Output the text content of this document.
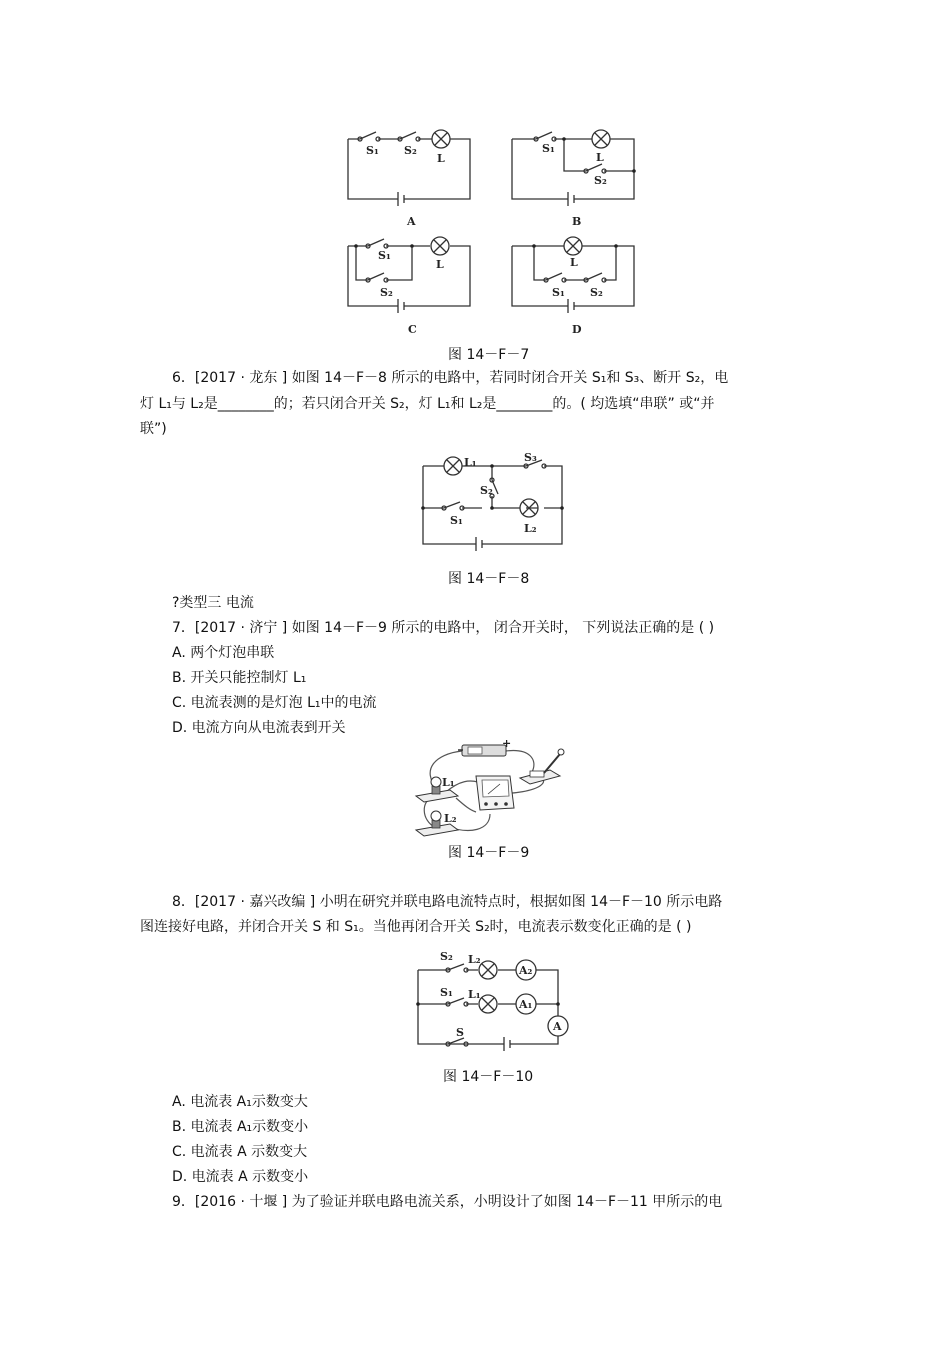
S₁ S₂
L
A
S₁
L
S₂
B
S₁
L
S₂
C
L
S₁ S₂
D
图 14－F－7
6．[2017 · 龙东 ] 如图 14－F－8 所示的电路中，若同时闭合开关 S₁和 S₃、断开 S₂，电
灯 L₁与 L₂是________的；若只闭合开关 S₂，灯 L₁和 L₂是________的。( 均选填“串联” 或“并
联”)
L₁	S₃
S₂
S₁
L₂
图 14－F－8
?类型三 电流
7．[2017 · 济宁 ] 如图 14－F－9 所示的电路中， 闭合开关时， 下列说法正确的是 ( )
A. 两个灯泡串联
B. 开关只能控制灯 L₁
C. 电流表测的是灯泡 L₁中的电流
D. 电流方向从电流表到开关
+
L₁
L₂
图 14－F－9
8．[2017 · 嘉兴改编 ] 小明在研究并联电路电流特点时，根据如图 14－F－10 所示电路
图连接好电路，并闭合开关 S 和 S₁。当他再闭合开关 S₂时，电流表示数变化正确的是 ( )
S₂ L₂
S₁ L₁
S
A₂
A₁
A
图 14－F－10
A. 电流表 A₁示数变大
B. 电流表 A₁示数变小
C. 电流表 A 示数变大
D. 电流表 A 示数变小
9．[2016 · 十堰 ] 为了验证并联电路电流关系，小明设计了如图 14－F－11 甲所示的电
